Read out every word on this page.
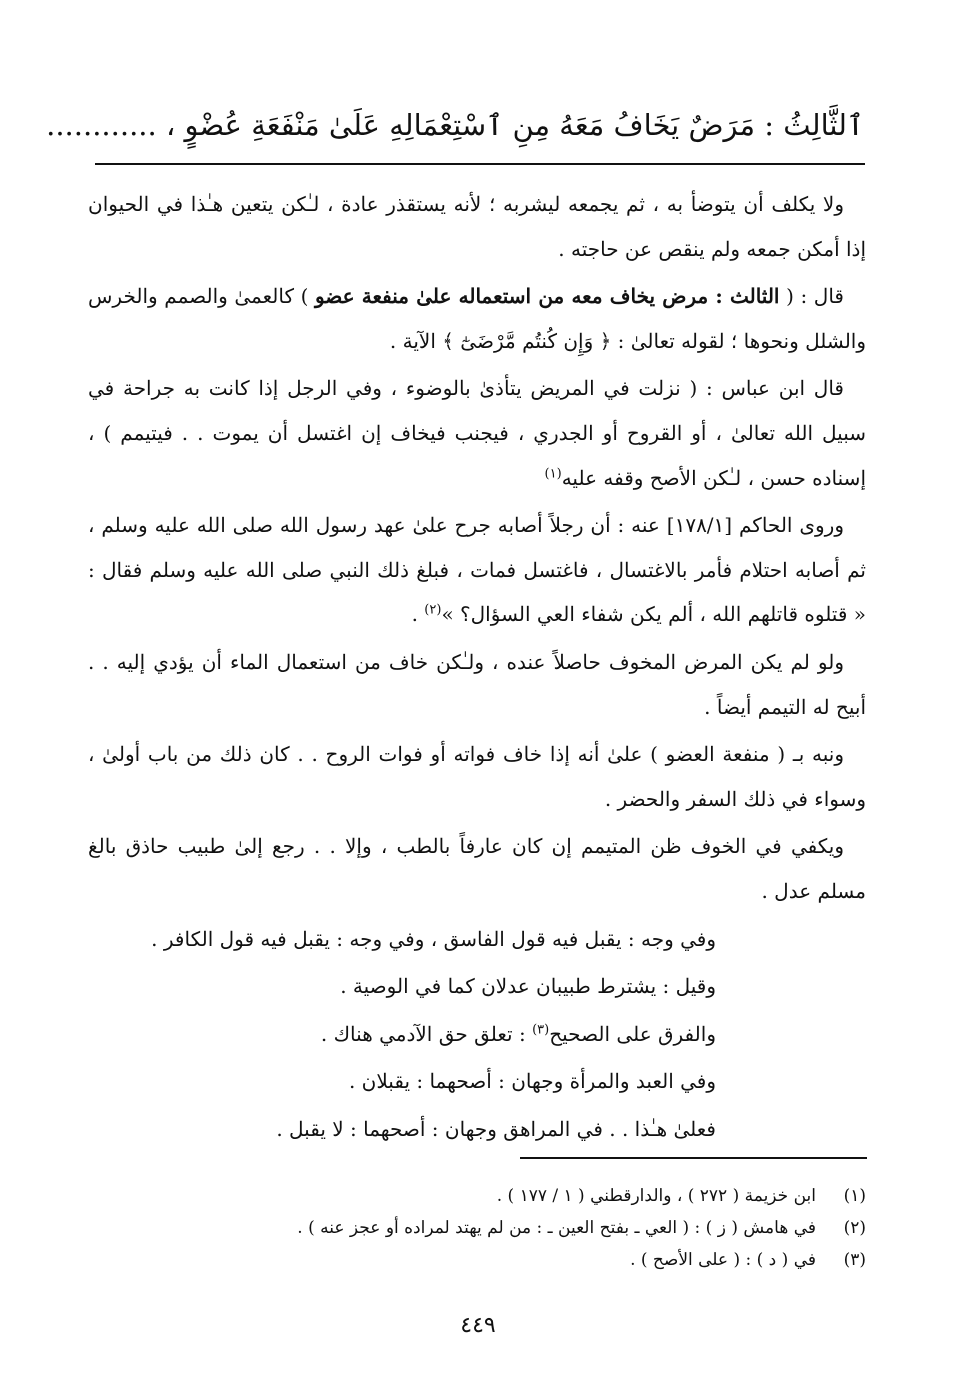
ٱلثَّالِثُ : مَرَضٌ يَخَافُ مَعَهُ مِنِ ٱسْتِعْمَالِهِ عَلَىٰ مَنْفَعَةِ عُضْوٍ ، ............

ولا يكلف أن يتوضأ به ، ثم يجمعه ليشربه ؛ لأنه يستقذر عادة ، لـٰكن يتعين هـٰذا في الحيوان إذا أمكن جمعه ولم ينقص عن حاجته .

قال : ( الثالث : مرض يخاف معه من استعماله علىٰ منفعة عضو ) كالعمىٰ والصمم والخرس والشلل ونحوها ؛ لقوله تعالىٰ : ﴿ وَإِن كُنتُم مَّرْضَىٰٓ ﴾ الآية .

قال ابن عباس : ( نزلت في المريض يتأذىٰ بالوضوء ، وفي الرجل إذا كانت به جراحة في سبيل الله تعالىٰ ، أو القروح أو الجدري ، فيجنب فيخاف إن اغتسل أن يموت . . فيتيمم ) ، إسناده حسن ، لـٰكن الأصح وقفه عليه$^{(١)}$

وروى الحاكم [١٧٨/١] عنه : أن رجلاً أصابه جرح علىٰ عهد رسول الله صلى الله عليه وسلم ، ثم أصابه احتلام فأمر بالاغتسال ، فاغتسل فمات ، فبلغ ذلك النبي صلى الله عليه وسلم فقال : « قتلوه قاتلهم الله ، ألم يكن شفاء العي السؤال؟ »$^{(٢)}$ .

ولو لم يكن المرض المخوف حاصلاً عنده ، ولـٰكن خاف من استعمال الماء أن يؤدي إليه . . أبيح له التيمم أيضاً .

ونبه بـ ( منفعة العضو ) علىٰ أنه إذا خاف فواته أو فوات الروح . . كان ذلك من باب أولىٰ ، وسواء في ذلك السفر والحضر .

ويكفي في الخوف ظن المتيمم إن كان عارفاً بالطب ، وإلا . . رجع إلىٰ طبيب حاذق بالغ مسلم عدل .

وفي وجه : يقبل فيه قول الفاسق ، وفي وجه : يقبل فيه قول الكافر .

وقيل : يشترط طبيبان عدلان كما في الوصية .

والفرق على الصحيح$^{(٣)}$ : تعلق حق الآدمي هناك .

وفي العبد والمرأة وجهان : أصحهما : يقبلان .

فعلىٰ هـٰذا . . في المراهق وجهان : أصحهما : لا يقبل .

(١)ابن خزيمة ( ٢٧٢ ) ، والدارقطني ( ١ / ١٧٧ ) .
(٢)في هامش ( ز ) : ( العي ـ بفتح العين ـ : من لم يهتد لمراده أو عجز عنه ) .
(٣)في ( د ) : ( على الأصح ) .
٤٤٩
